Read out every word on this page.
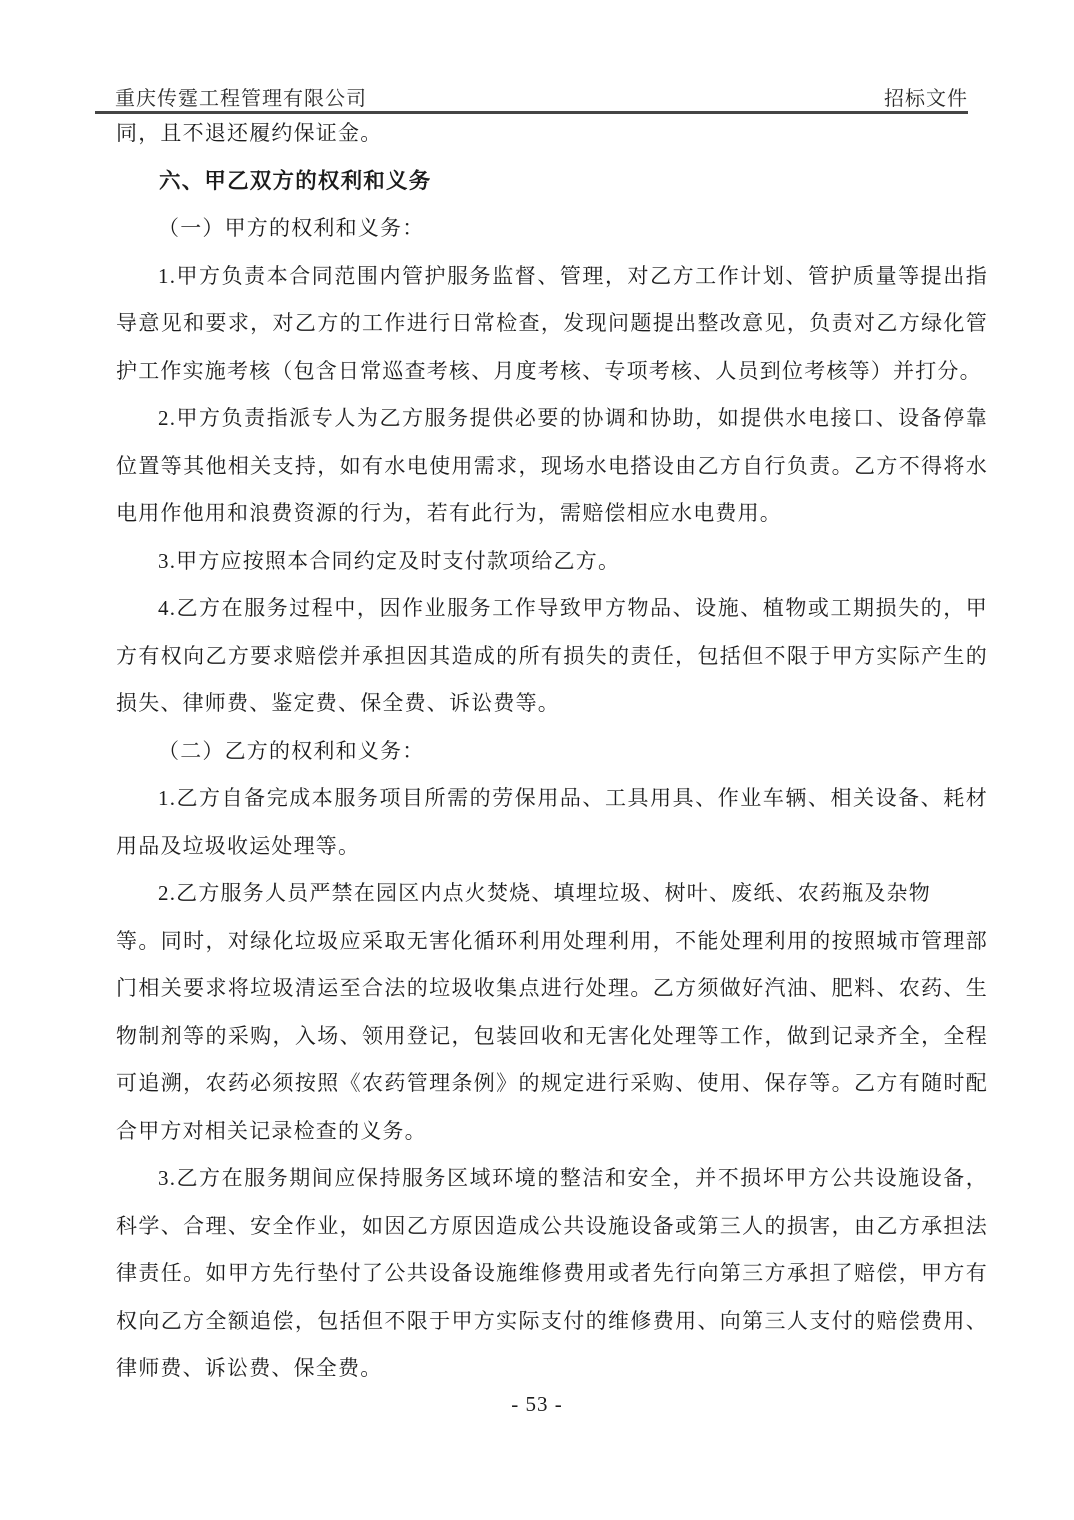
重庆传霆工程管理有限公司	招标文件

同，且不退还履约保证金。

六、甲乙双方的权利和义务

（一）甲方的权利和义务：

1.甲方负责本合同范围内管护服务监督、管理，对乙方工作计划、管护质量等提出指导意见和要求，对乙方的工作进行日常检查，发现问题提出整改意见，负责对乙方绿化管护工作实施考核（包含日常巡查考核、月度考核、专项考核、人员到位考核等）并打分。

2.甲方负责指派专人为乙方服务提供必要的协调和协助，如提供水电接口、设备停靠位置等其他相关支持，如有水电使用需求，现场水电搭设由乙方自行负责。乙方不得将水电用作他用和浪费资源的行为，若有此行为，需赔偿相应水电费用。

3.甲方应按照本合同约定及时支付款项给乙方。

4.乙方在服务过程中，因作业服务工作导致甲方物品、设施、植物或工期损失的，甲方有权向乙方要求赔偿并承担因其造成的所有损失的责任，包括但不限于甲方实际产生的损失、律师费、鉴定费、保全费、诉讼费等。

（二）乙方的权利和义务：

1.乙方自备完成本服务项目所需的劳保用品、工具用具、作业车辆、相关设备、耗材用品及垃圾收运处理等。

2.乙方服务人员严禁在园区内点火焚烧、填埋垃圾、树叶、废纸、农药瓶及杂物

等。同时，对绿化垃圾应采取无害化循环利用处理利用，不能处理利用的按照城市管理部门相关要求将垃圾清运至合法的垃圾收集点进行处理。乙方须做好汽油、肥料、农药、生物制剂等的采购，入场、领用登记，包装回收和无害化处理等工作，做到记录齐全，全程可追溯，农药必须按照《农药管理条例》的规定进行采购、使用、保存等。乙方有随时配合甲方对相关记录检查的义务。

3.乙方在服务期间应保持服务区域环境的整洁和安全，并不损坏甲方公共设施设备，科学、合理、安全作业，如因乙方原因造成公共设施设备或第三人的损害，由乙方承担法律责任。如甲方先行垫付了公共设备设施维修费用或者先行向第三方承担了赔偿，甲方有权向乙方全额追偿，包括但不限于甲方实际支付的维修费用、向第三人支付的赔偿费用、律师费、诉讼费、保全费。

- 53 -
